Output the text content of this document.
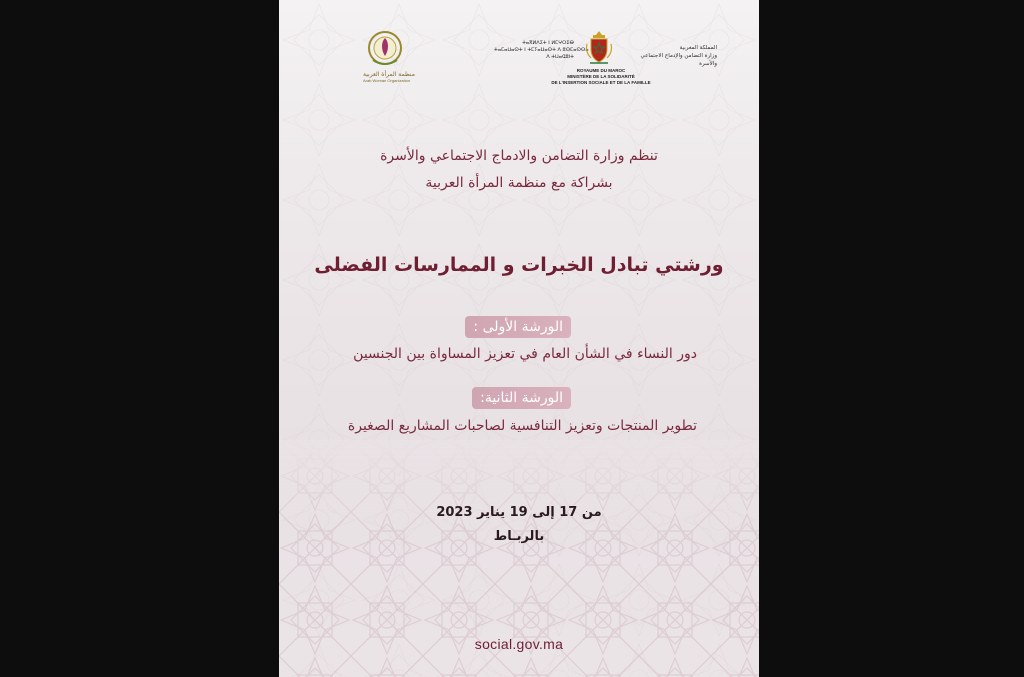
منظمة المرأة العربية
Arab Woman Organization
ⵜⴰⴳⵍⴷⵉⵜ ⵏ ⵍⵎⵖⵔⵉⴱ
ⵜⴰⵎⴰⵡⴰⵙⵜ ⵏ ⵜⵎⵢⴰⵡⴰⵙⵜ ⴷ ⵓⵙⵎⴰⵙⵙⴰ
ⴷ ⵜⵡⴰⵛⵓⵏⵜ
المملكة المغربية
وزارة التضامن والإدماج الاجتماعي
والأسرة
ROYAUME DU MAROC
MINISTÈRE DE LA SOLIDARITÉ
DE L'INSERTION SOCIALE ET DE LA FAMILLE
تنظم وزارة التضامن والادماج الاجتماعي والأسرة
بشراكة مع منظمة المرأة العربية
ورشتي تبادل الخبرات و الممارسات الفضلى
الورشة الأولى :
دور النساء في الشأن العام في تعزيز المساواة بين الجنسين
الورشة الثانية:
تطوير المنتجات وتعزيز التنافسية لصاحبات المشاريع الصغيرة
من 17 إلى 19 يناير 2023
بالربـاط
social.gov.ma
